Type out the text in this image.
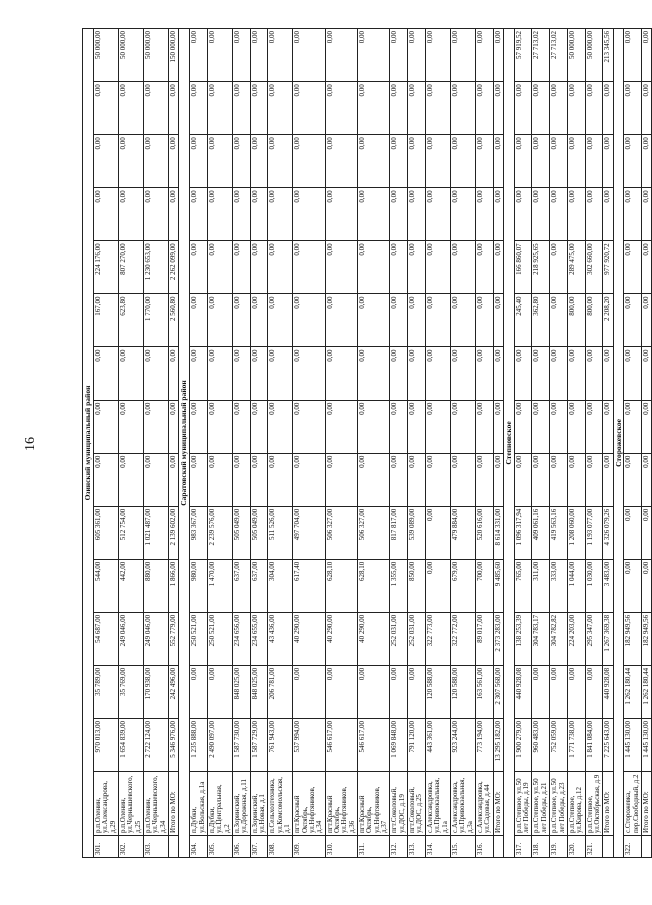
16	Озинский муниципальный район															
301.	р.п.Оленин, ул.Александрова, д.29	970 013,00	35 789,00	54 687,00	544,00	605 361,00	0,00	0,00	0,00	167,00	224 176,00	0,00	0,00	0,00	50 000,00
302.	р.п.Оленин, ул.Чернышевского, д.25	1 654 839,00	35 769,00	249 046,00	442,00	512 754,00	0,00	0,00	0,00	623,80	807 270,00	0,00	0,00	0,00	50 000,00
303.	р.п.Оленин, ул.Чернышевского, д.34	2 722 124,00	170 938,00	249 046,00	880,00	1 021 487,00	0,00	0,00	0,00	1 770,00	1 230 653,00	0,00	0,00	0,00	50 000,00
	Итого по МО:	5 346 976,00	242 496,00	552 779,00	1 866,00	2 139 602,00	0,00	0,00	0,00	2 560,80	2 262 099,00	0,00	0,00	0,00	150 000,00
Саратовский муниципальный район															
304.	п.Дубки, ул.Вольская, д.1а	1 235 888,00	0,00	250 521,00	980,00	983 367,00	0,00	0,00	0,00	0,00	0,00	0,00	0,00	0,00	0,00
305.	п.Дубки, ул.Центральная, д.2	2 490 097,00	0,00	250 521,00	1 470,00	2 239 576,00	0,00	0,00	0,00	0,00	0,00	0,00	0,00	0,00	0,00
306.	п.Зоринский, ул.Дорожная, д.11	1 587 730,00	848 025,00	234 656,00	637,00	505 049,00	0,00	0,00	0,00	0,00	0,00	0,00	0,00	0,00	0,00
307.	п.Зоринский, ул.Новая, д.1	1 587 729,00	848 025,00	234 655,00	637,00	505 049,00	0,00	0,00	0,00	0,00	0,00	0,00	0,00	0,00	0,00
308.	п.Сельхозтехника, ул.Комсомольская, д.1	761 943,00	206 781,00	43 436,00	304,00	511 526,00	0,00	0,00	0,00	0,00	0,00	0,00	0,00	0,00	0,00
309.	пгт.Красный Октябрь, ул.Нефтяников, д.34	537 994,00	0,00	40 290,00	617,40	497 704,00	0,00	0,00	0,00	0,00	0,00	0,00	0,00	0,00	0,00
310.	пгт.Красный Октябрь, ул.Нефтяников, д.36	546 617,00	0,00	40 290,00	628,10	506 327,00	0,00	0,00	0,00	0,00	0,00	0,00	0,00	0,00	0,00
311.	пгт.Красный Октябрь, ул.Нефтяников, д.37	546 617,00	0,00	40 290,00	628,10	506 327,00	0,00	0,00	0,00	0,00	0,00	0,00	0,00	0,00	0,00
312.	пгт.Соколовый, ул.ДОС, д.19	1 069 848,00	0,00	252 031,00	1 355,00	817 817,00	0,00	0,00	0,00	0,00	0,00	0,00	0,00	0,00	0,00
313.	пгт.Соколовый, ул.ДОС, д.25	791 120,00	0,00	252 031,00	850,00	539 089,00	0,00	0,00	0,00	0,00	0,00	0,00	0,00	0,00	0,00
314.	с.Александровка, ул.Привокзальная, д.1а	443 361,00	120 588,00	322 773,00	0,00	0,00	0,00	0,00	0,00	0,00	0,00	0,00	0,00	0,00	0,00
315.	с.Александровка, ул.Привокзальная, д.3а	923 244,00	120 588,00	322 772,00	679,00	479 884,00	0,00	0,00	0,00	0,00	0,00	0,00	0,00	0,00	0,00
316.	с.Александровка, ул.Садовая, д.44	773 194,00	163 561,00	89 017,00	700,00	520 616,00	0,00	0,00	0,00	0,00	0,00	0,00	0,00	0,00	0,00
	Итого по МО:	13 295 182,00	2 307 568,00	2 373 283,00	9 485,60	8 614 331,00	0,00	0,00	0,00	0,00	0,00	0,00	0,00	0,00	0,00
Степновское															
317.	р.п.Степное, ул.50 лет Победы, д.19	1 900 279,00	440 928,08	138 253,39	765,00	1 096 317,94	0,00	0,00	0,00	245,40	166 860,07	0,00	0,00	0,00	57 919,52
318.	р.п.Степное, ул.50 лет Победы, д.21	960 483,00	0,00	304 783,17	311,00	409 061,16	0,00	0,00	0,00	362,80	218 925,65	0,00	0,00	0,00	27 713,02
319.	р.п.Степное, ул.50 лет Победы, д.23	752 059,00	0,00	304 782,82	333,00	419 563,16	0,00	0,00	0,00	0,00	0,00	0,00	0,00	0,00	27 713,02
320.	р.п.Степное, ул.Кирова, д.12	1 771 738,00	0,00	224 203,00	1 044,00	1 208 060,00	0,00	0,00	0,00	800,00	289 475,00	0,00	0,00	0,00	50 000,00
321.	р.п.Степное, ул.Октябрьская, д.9	1 841 084,00	0,00	295 347,00	1 030,00	1 193 077,00	0,00	0,00	0,00	800,00	302 660,00	0,00	0,00	0,00	50 000,00
	Итого по МО:	7 225 643,00	440 928,08	1 267 369,38	3 483,00	4 326 079,26	0,00	0,00	0,00	2 208,20	977 920,72	0,00	0,00	0,00	213 345,56
Сторожевское															
322.	с.Сторожевка, пер.Свободный, д.2	1 445 130,00	1 262 180,44	182 949,56	0,00	0,00	0,00	0,00	0,00	0,00	0,00	0,00	0,00	0,00	0,00
	Итого по МО:	1 445 130,00	1 262 180,44	182 949,56	0,00	0,00	0,00	0,00	0,00	0,00	0,00	0,00	0,00	0,00	0,00
